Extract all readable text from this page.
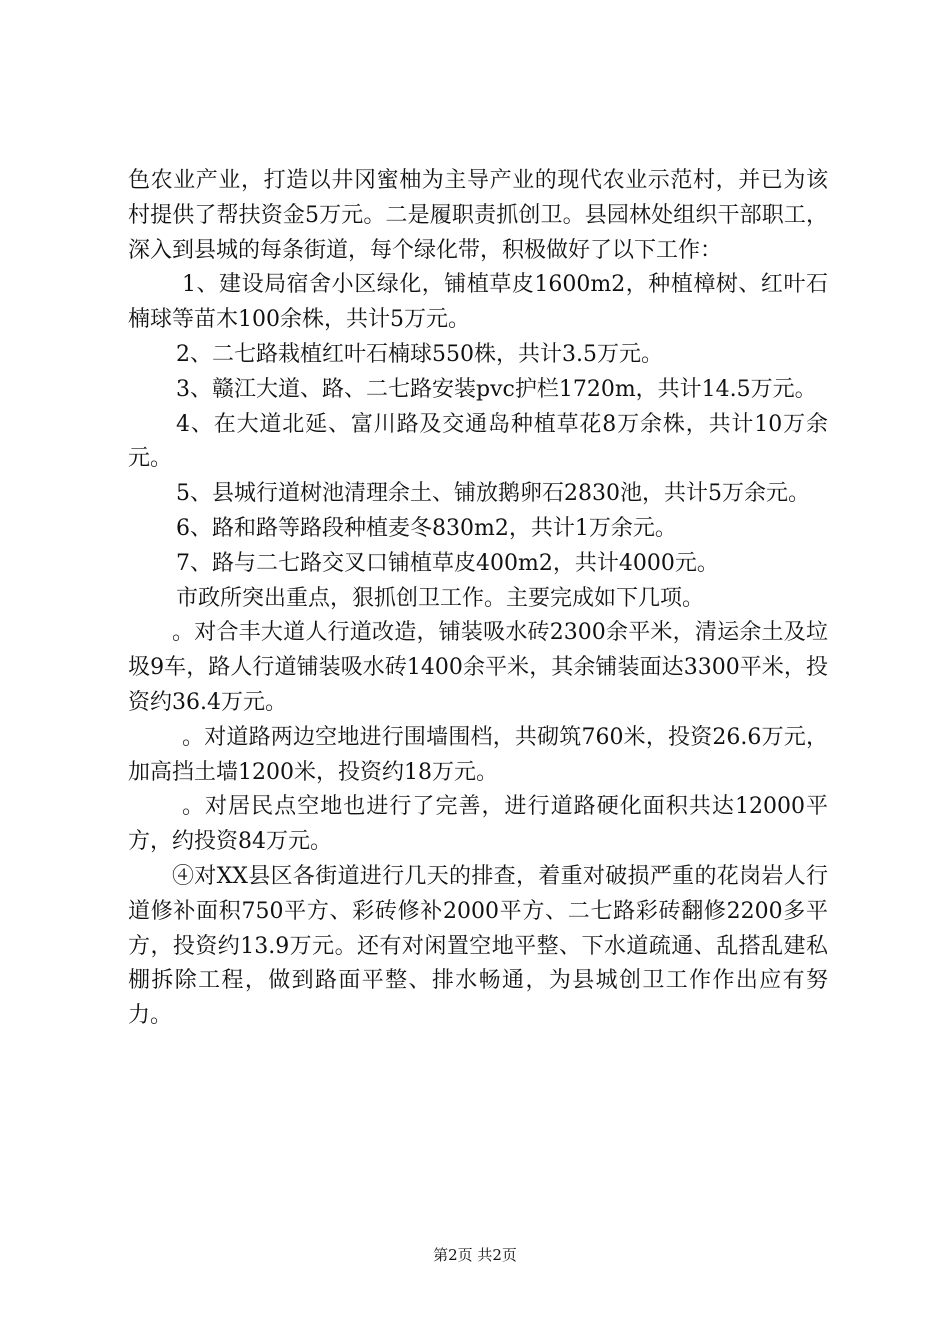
色农业产业，打造以井冈蜜柚为主导产业的现代农业示范村，并已为该村提供了帮扶资金5万元。二是履职责抓创卫。县园林处组织干部职工，深入到县城的每条街道，每个绿化带，积极做好了以下工作：

1、建设局宿舍小区绿化，铺植草皮1600m2，种植樟树、红叶石楠球等苗木100余株，共计5万元。

2、二七路栽植红叶石楠球550株，共计3.5万元。

3、赣江大道、路、二七路安装pvc护栏1720m，共计14.5万元。

4、在大道北延、富川路及交通岛种植草花8万余株，共计10万余元。

5、县城行道树池清理余土、铺放鹅卵石2830池，共计5万余元。

6、路和路等路段种植麦冬830m2，共计1万余元。

7、路与二七路交叉口铺植草皮400m2，共计4000元。

市政所突出重点，狠抓创卫工作。主要完成如下几项。

。对合丰大道人行道改造，铺装吸水砖2300余平米，清运余土及垃圾9车，路人行道铺装吸水砖1400余平米，其余铺装面达3300平米，投资约36.4万元。

。对道路两边空地进行围墙围档，共砌筑760米，投资26.6万元，加高挡土墙1200米，投资约18万元。

。对居民点空地也进行了完善，进行道路硬化面积共达12000平方，约投资84万元。

④对XX县区各街道进行几天的排查，着重对破损严重的花岗岩人行道修补面积750平方、彩砖修补2000平方、二七路彩砖翻修2200多平方，投资约13.9万元。还有对闲置空地平整、下水道疏通、乱搭乱建私棚拆除工程，做到路面平整、排水畅通，为县城创卫工作作出应有努力。

第2页 共2页
